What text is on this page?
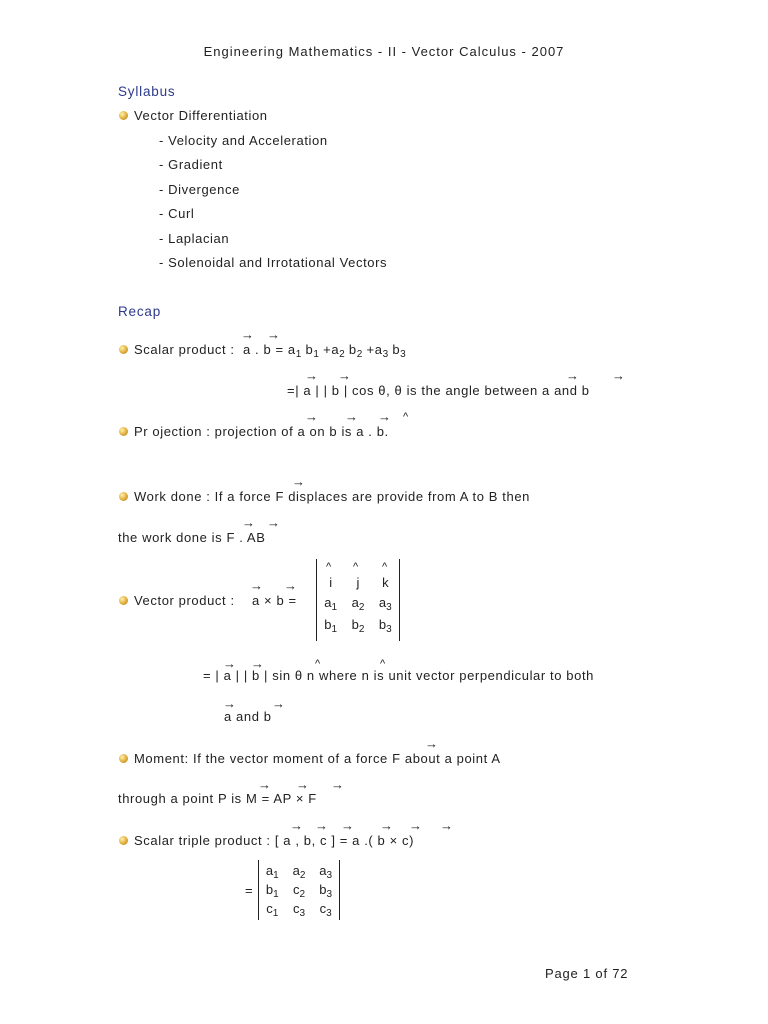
Engineering Mathematics - II - Vector Calculus - 2007
Syllabus
Vector Differentiation
- Velocity and Acceleration
- Gradient
- Divergence
- Curl
- Laplacian
- Solenoidal and Irrotational Vectors
Recap
→ →
Scalar product : a . $b = a_1$ $b_1 +a_2$ $b_2 +a_3$ $b_3$
→ →	→	→
=| a | | b | cos θ, θ is the angle between a and b
→ → → ^
Pr ojection : projection of a on b is a . b.
→
Work done : If a force F displaces are provide from A to B then
→ →
the work done is F . AB
→ →
Vector product : a × b =
^ ^ ^
i	j	k
$a_1$	$a_2$	$a_3$
$b_1$	$b_2$	$b_3$
→ →	^	^
= | a | | b | sin θ n where n is unit vector perpendicular to both
→	→
a and b
→
Moment: If the vector moment of a force F about a point A
→ → →
through a point P is M = AP × F
→ → → → → →
Scalar triple product : [ a , b, c ] = a .( b × c)
=
$a_1$	$a_2$	$a_3$
$b_1$	$c_2$	$b_3$
$c_1$	$c_3$	$c_3$
Page 1 of 72
